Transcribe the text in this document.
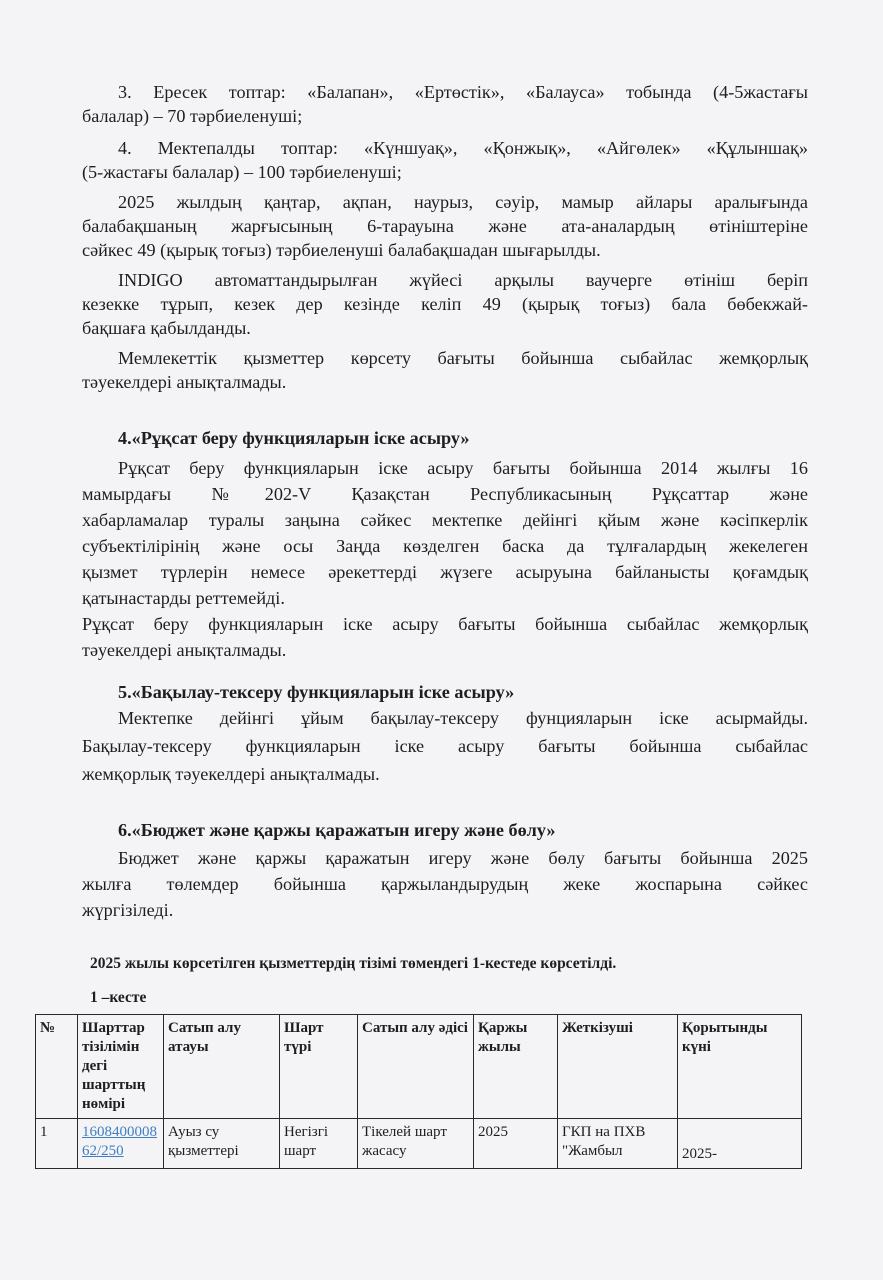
3. Ересек топтар: «Балапан», «Ертөстік», «Балауса» тобында (4-5жастағы
балалар) – 70 тәрбиеленуші;
4. Мектепалды топтар: «Күншуақ», «Қонжық», «Айгөлек» «Құлыншақ»
(5-жастағы балалар) – 100 тәрбиеленуші;
2025 жылдың қаңтар, ақпан, наурыз, сәуір, мамыр айлары аралығында
балабақшаның жарғысының 6-тарауына және ата-аналардың өтініштеріне
сәйкес 49 (қырық тоғыз) тәрбиеленуші балабақшадан шығарылды.
INDIGO автоматтандырылған жүйесі арқылы ваучерге өтініш беріп
кезекке тұрып, кезек дер кезінде келіп 49 (қырық тоғыз) бала бөбекжай-
бақшаға қабылданды.
Мемлекеттік қызметтер көрсету бағыты бойынша сыбайлас жемқорлық
тәуекелдері анықталмады.
4.«Рұқсат беру функцияларын іске асыру»
Рұқсат беру функцияларын іске асыру бағыты бойынша 2014 жылғы 16
мамырдағы №202-V Қазақстан Республикасының Рұқсаттар және
хабарламалар туралы заңына сәйкес мектепке дейінгі қйым және кәсіпкерлік
субъектілірінің және осы Заңда көзделген баска да тұлғалардың жекелеген
қызмет түрлерін немесе әрекеттерді жүзеге асыруына байланысты қоғамдық
қатынастарды реттемейді.
Рұқсат беру функцияларын іске асыру бағыты бойынша сыбайлас жемқорлық
тәуекелдері анықталмады.
5.«Бақылау-тексеру функцияларын іске асыру»
Мектепке дейінгі ұйым бақылау-тексеру фунцияларын іске асырмайды.
Бақылау-тексеру функцияларын іске асыру бағыты бойынша сыбайлас
жемқорлық тәуекелдері анықталмады.
6.«Бюджет және қаржы қаражатын игеру және бөлу»
Бюджет және қаржы қаражатын игеру және бөлу бағыты бойынша 2025
жылға төлемдер бойынша қаржыландырудың жеке жоспарына сәйкес
жүргізіледі.
2025 жылы көрсетілген қызметтердің тізімі төмендегі 1-кестеде көрсетілді.
1 –кесте
№	Шарттар тізілімін дегі шарттың нөмірі	Сатып алу атауы	Шарт түрі	Сатып алу әдісі	Қаржы жылы	Жеткізуші	Қорытынды күні
1	160840000862/250	Ауыз су қызметтері	Негізгі шарт	Тікелей шарт жасасу	2025	ГКП на ПХВ "Жамбыл	2025-
